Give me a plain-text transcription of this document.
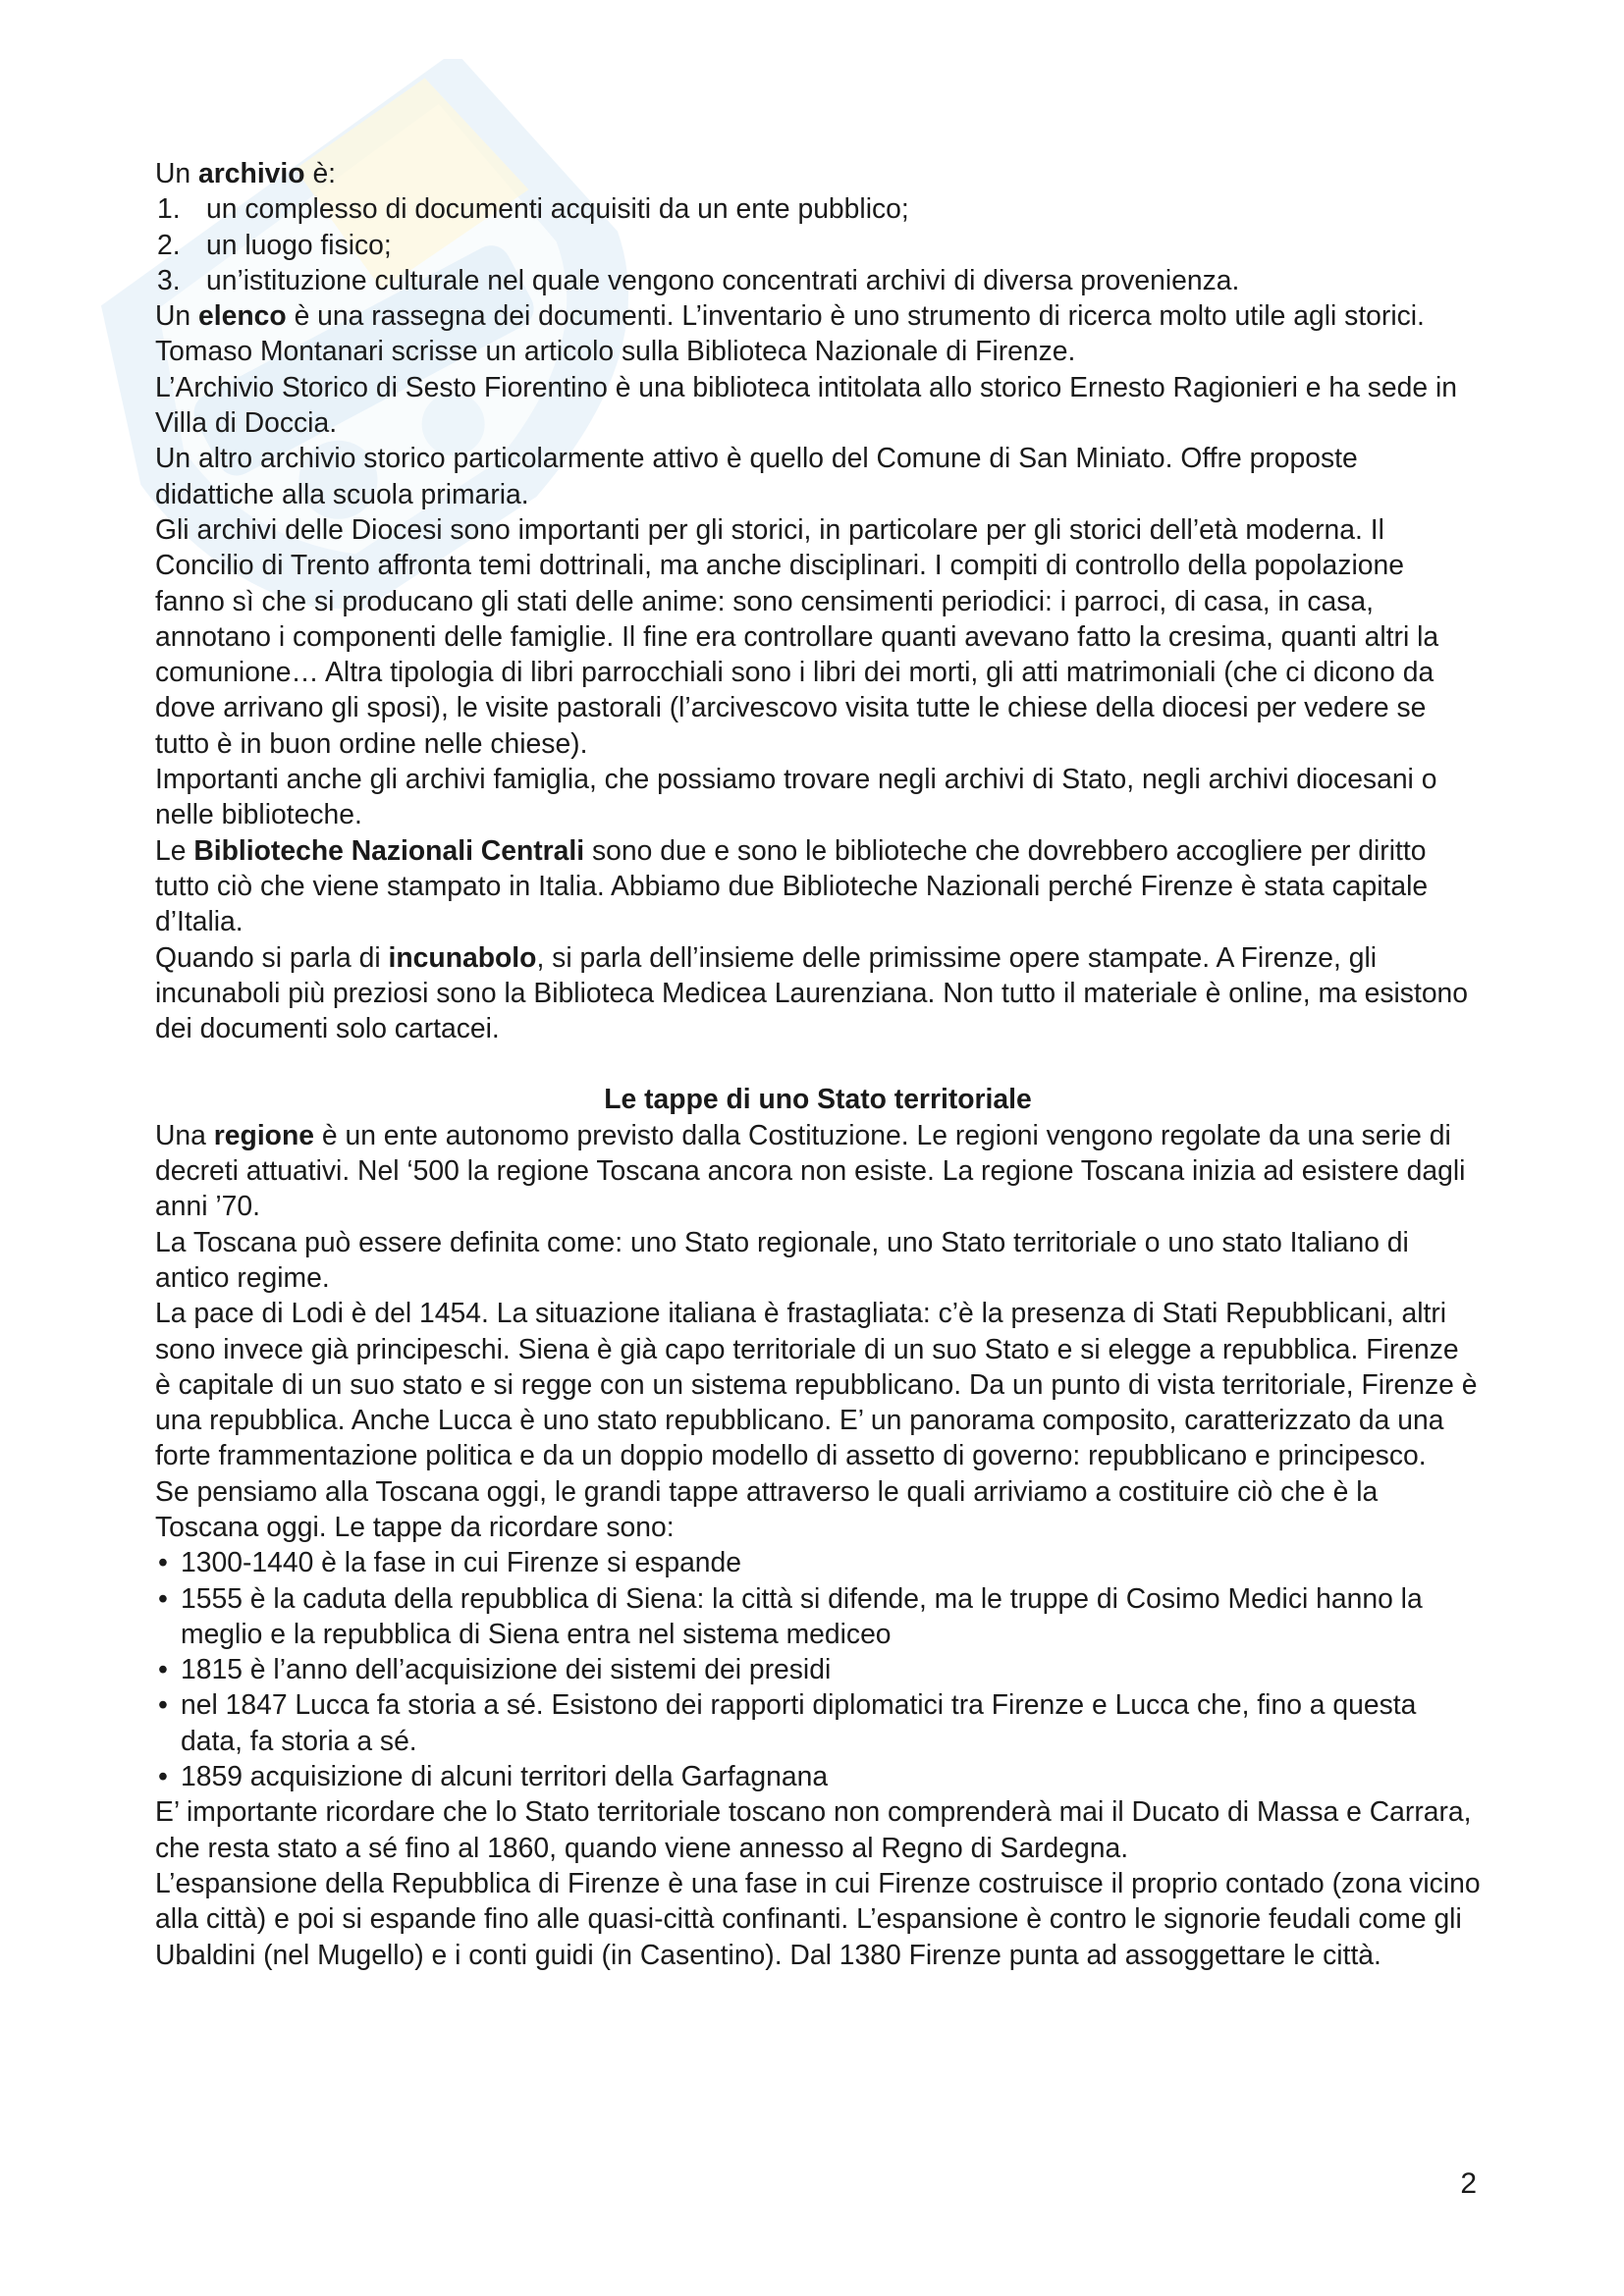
Un archivio è:

1. un complesso di documenti acquisiti da un ente pubblico;
2. un luogo fisico;
3. un’istituzione culturale nel quale vengono concentrati archivi di diversa provenienza.

Un elenco è una rassegna dei documenti. L’inventario è uno strumento di ricerca molto utile agli storici.

Tomaso Montanari scrisse un articolo sulla Biblioteca Nazionale di Firenze.

L’Archivio Storico di Sesto Fiorentino è una biblioteca intitolata allo storico Ernesto Ragionieri e ha sede in Villa di Doccia.

Un altro archivio storico particolarmente attivo è quello del Comune di San Miniato. Offre proposte didattiche alla scuola primaria.

Gli archivi delle Diocesi sono importanti per gli storici, in particolare per gli storici dell’età moderna. Il Concilio di Trento affronta temi dottrinali, ma anche disciplinari. I compiti di controllo della popolazione fanno sì che si producano gli stati delle anime: sono censimenti periodici: i parroci, di casa, in casa, annotano i componenti delle famiglie. Il fine era controllare quanti avevano fatto la cresima, quanti altri la comunione… Altra tipologia di libri parrocchiali sono i libri dei morti, gli atti matrimoniali (che ci dicono da dove arrivano gli sposi), le visite pastorali (l’arcivescovo visita tutte le chiese della diocesi per vedere se tutto è in buon ordine nelle chiese).

Importanti anche gli archivi famiglia, che possiamo trovare negli archivi di Stato, negli archivi diocesani o nelle biblioteche.

Le Biblioteche Nazionali Centrali sono due e sono le biblioteche che dovrebbero accogliere per diritto tutto ciò che viene stampato in Italia. Abbiamo due Biblioteche Nazionali perché Firenze è stata capitale d’Italia.

Quando si parla di incunabolo, si parla dell’insieme delle primissime opere stampate. A Firenze, gli incunaboli più preziosi sono la Biblioteca Medicea Laurenziana. Non tutto il materiale è online, ma esistono dei documenti solo cartacei.

Le tappe di uno Stato territoriale

Una regione è un ente autonomo previsto dalla Costituzione. Le regioni vengono regolate da una serie di decreti attuativi. Nel ‘500 la regione Toscana ancora non esiste. La regione Toscana inizia ad esistere dagli anni ’70.

La Toscana può essere definita come: uno Stato regionale, uno Stato territoriale o uno stato Italiano di antico regime.

La pace di Lodi è del 1454. La situazione italiana è frastagliata: c’è la presenza di Stati Repubblicani, altri sono invece già principeschi. Siena è già capo territoriale di un suo Stato e si elegge a repubblica. Firenze è capitale di un suo stato e si regge con un sistema repubblicano. Da un punto di vista territoriale, Firenze è una repubblica. Anche Lucca è uno stato repubblicano. E’ un panorama composito, caratterizzato da una forte frammentazione politica e da un doppio modello di assetto di governo: repubblicano e principesco.

Se pensiamo alla Toscana oggi, le grandi tappe attraverso le quali arriviamo a costituire ciò che è la Toscana oggi. Le tappe da ricordare sono:

• 1300-1440 è la fase in cui Firenze si espande
• 1555 è la caduta della repubblica di Siena: la città si difende, ma le truppe di Cosimo Medici hanno la meglio e la repubblica di Siena entra nel sistema mediceo
• 1815 è l’anno dell’acquisizione dei sistemi dei presidi
• nel 1847 Lucca fa storia a sé. Esistono dei rapporti diplomatici tra Firenze e Lucca che, fino a questa data, fa storia a sé.
• 1859 acquisizione di alcuni territori della Garfagnana

E’ importante ricordare che lo Stato territoriale toscano non comprenderà mai il Ducato di Massa e Carrara, che resta stato a sé fino al 1860, quando viene annesso al Regno di Sardegna.

L’espansione della Repubblica di Firenze è una fase in cui Firenze costruisce il proprio contado (zona vicino alla città) e poi si espande fino alle quasi-città confinanti. L’espansione è contro le signorie feudali come gli Ubaldini (nel Mugello) e i conti guidi (in Casentino). Dal 1380 Firenze punta ad assoggettare le città.

2
